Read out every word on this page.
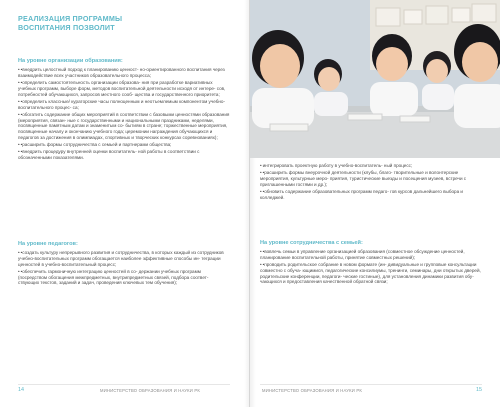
РЕАЛИЗАЦИЯ ПРОГРАММЫ
ВОСПИТАНИЯ ПОЗВОЛИТ
На уровне организации образования:
• •внедрить целостный подход к планированию ценност- но-ориентированного воспитания через взаимодействие всех участников образовательного процесса;
• •определить самостоятельность организации образова- ния при разработке вариативных учебных программ, выборе форм, методов воспитательной деятельности исходя от интере- сов, потребностей обучающихся, запросов местного сооб- щества и государственного приоритета;
• •определить классные/ кураторские часы полноценным и неотъемлемым компонентом учебно-воспитательного процес- са;
• •обогатить содержание общих мероприятий в соответствии с базовыми ценностями образования (мероприятия, связан- ные с государственными и национальными праздниками, неделями, посвященные памятным датам и знаменитым со- бытиям в стране; торжественные мероприятия, посвященные началу и окончанию учебного года; церемонии награждения обучающихся и педагогов за достижения в олимпиадах, спортивных и творческих конкурсах соревнованиях);
• •расширить формы сотрудничества с семьей и партнерами общества;
• •внедрить процедуру внутренней оценки воспитатель- ной работы в соответствии с обозначенными показателями.
На уровне педагогов:
• •создать культуру непрерывного развития и сотрудничества, в которых каждый из сотрудников учебно-воспитательных программ обогащается наиболее эффективные способы ин- теграции ценностей в учебно-воспитательный процесс;
• •обеспечить гармоничную интеграцию ценностей в со- держании учебных программ (посредством обогащения межпредметных, внутрипредметных связей, подбора соответ- ствующих текстов, заданий и задач, проведения ключевых тем обучения);
14	МИНИСТЕРСТВО ОБРАЗОВАНИЯ И НАУКИ РК
• интегрировать проектную работу в учебно-воспитатель- ный процесс;
• •расширить формы внеурочной деятельности (клубы, благо- творительные и волонтерские мероприятия, культурные меро- приятия, туристические выезды и посещения музеев, встречи с приглашенными гостями и др.);
• •обновить содержание образовательных программ педаго- гов курсов дальнейшего выбора и колледжей.
На уровне сотрудничества с семьей:
• •вовлечь семьи в управление организацией образования (совместное обсуждение ценностей, планирование воспитательной работы, принятие совместных решений);
• •проводить родительское собрание в новом формате (ин- дивидуальные и групповые консультации совместно с обуча- ющимися, педагогические консилиумы, тренинги, семинары, дни открытых дверей, родительские конференции, педагоги- ческие гостиные), для установления динамики развития обу- чающихся и предоставления качественной обратной связи;
МИНИСТЕРСТВО ОБРАЗОВАНИЯ И НАУКИ РК	15
